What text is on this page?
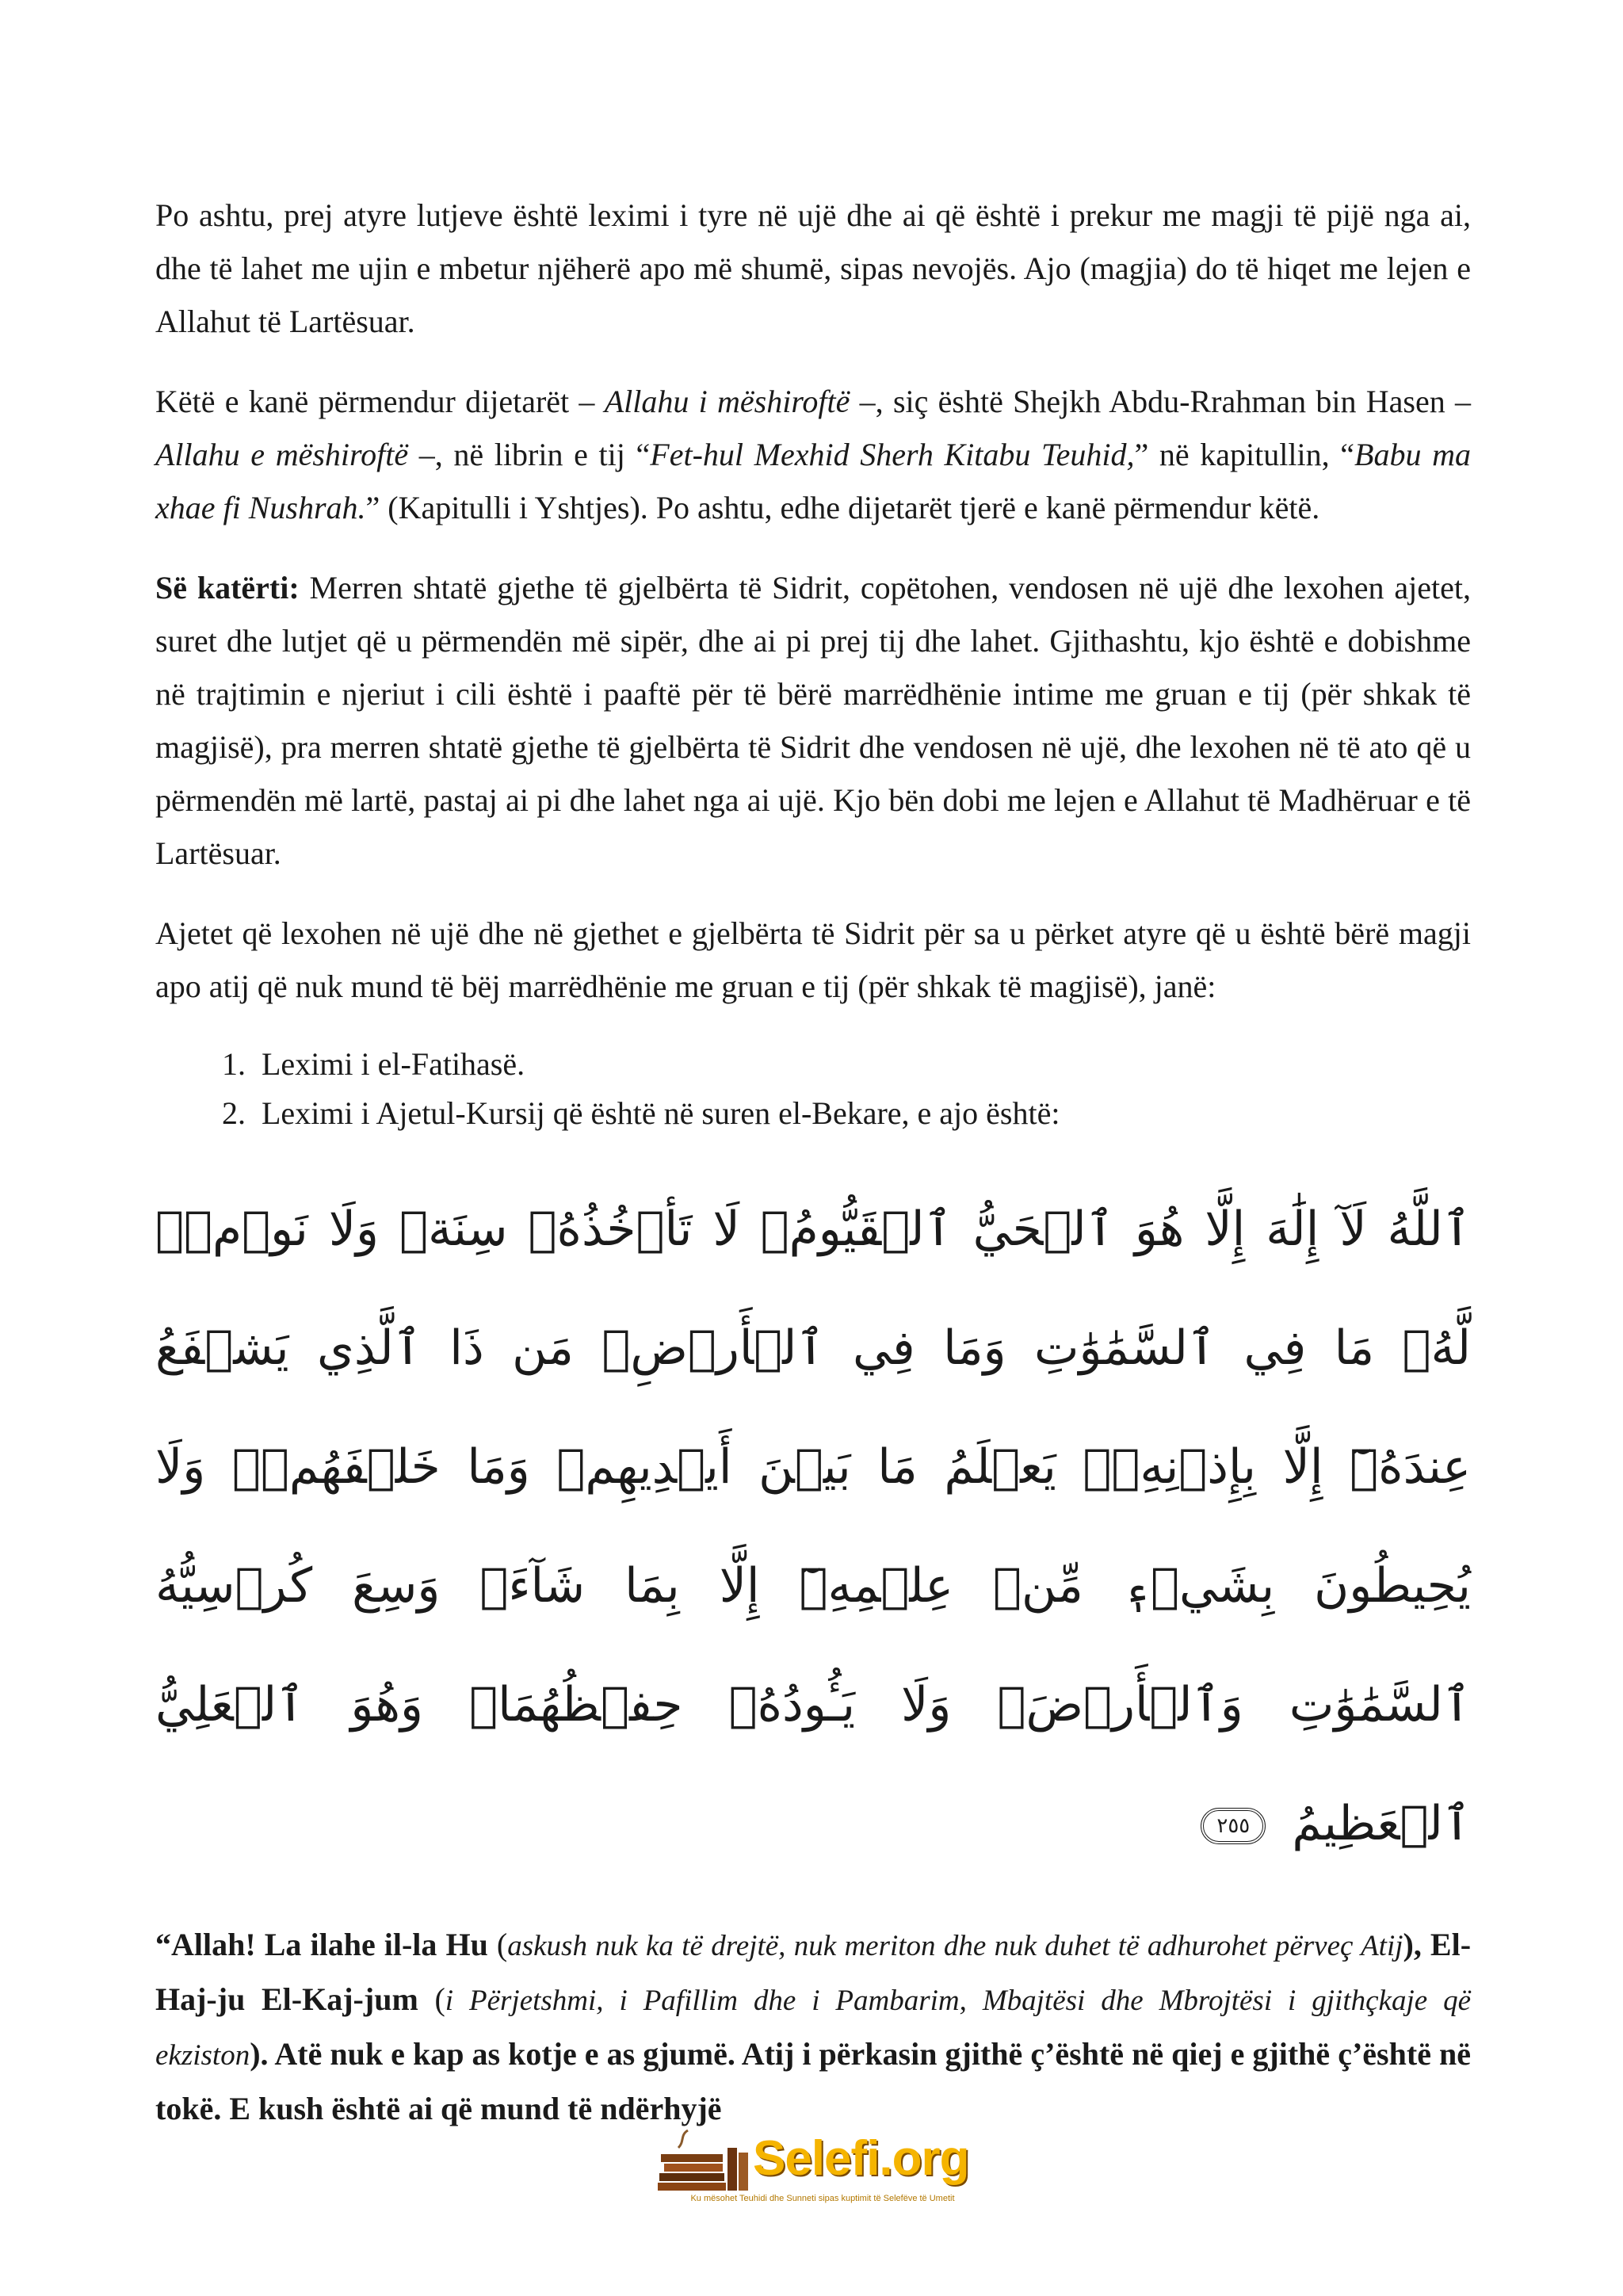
Po ashtu, prej atyre lutjeve është leximi i tyre në ujë dhe ai që është i prekur me magji të pijë nga ai, dhe të lahet me ujin e mbetur njëherë apo më shumë, sipas nevojës. Ajo (magjia) do të hiqet me lejen e Allahut të Lartësuar.

Këtë e kanë përmendur dijetarët – Allahu i mëshiroftë –, siç është Shejkh Abdu-Rrahman bin Hasen – Allahu e mëshiroftë –, në librin e tij “Fet-hul Mexhid Sherh Kitabu Teuhid,” në kapitullin, “Babu ma xhae fi Nushrah.” (Kapitulli i Yshtjes). Po ashtu, edhe dijetarët tjerë e kanë përmendur këtë.

Së katërti: Merren shtatë gjethe të gjelbërta të Sidrit, copëtohen, vendosen në ujë dhe lexohen ajetet, suret dhe lutjet që u përmendën më sipër, dhe ai pi prej tij dhe lahet. Gjithashtu, kjo është e dobishme në trajtimin e njeriut i cili është i paaftë për të bërë marrëdhënie intime me gruan e tij (për shkak të magjisë), pra merren shtatë gjethe të gjelbërta të Sidrit dhe vendosen në ujë, dhe lexohen në të ato që u përmendën më lartë, pastaj ai pi dhe lahet nga ai ujë. Kjo bën dobi me lejen e Allahut të Madhëruar e të Lartësuar.

Ajetet që lexohen në ujë dhe në gjethet e gjelbërta të Sidrit për sa u përket atyre që u është bërë magji apo atij që nuk mund të bëj marrëdhënie me gruan e tij (për shkak të magjisë), janë:

1. Leximi i el-Fatihasë.
2. Leximi i Ajetul-Kursij që është në suren el-Bekare, e ajo është:
ٱللَّهُ لَآ إِلَٰهَ إِلَّا هُوَ ٱلۡحَيُّ ٱلۡقَيُّومُۚ لَا تَأۡخُذُهُۥ سِنَةٞ وَلَا نَوۡمٞۚ لَّهُۥ مَا فِي ٱلسَّمَٰوَٰتِ وَمَا فِي ٱلۡأَرۡضِۗ مَن ذَا ٱلَّذِي يَشۡفَعُ عِندَهُۥٓ إِلَّا بِإِذۡنِهِۦۚ يَعۡلَمُ مَا بَيۡنَ أَيۡدِيهِمۡ وَمَا خَلۡفَهُمۡۖ وَلَا يُحِيطُونَ بِشَيۡءٖ مِّنۡ عِلۡمِهِۦٓ إِلَّا بِمَا شَآءَۚ وَسِعَ كُرۡسِيُّهُ ٱلسَّمَٰوَٰتِ وَٱلۡأَرۡضَۖ وَلَا يَـُٔودُهُۥ حِفۡظُهُمَاۚ وَهُوَ ٱلۡعَلِيُّ ٱلۡعَظِيمُ ٢٥٥

“Allah! La ilahe il-la Hu (askush nuk ka të drejtë, nuk meriton dhe nuk duhet të adhurohet përveç Atij), El-Haj-ju El-Kaj-jum (i Përjetshmi, i Pafillim dhe i Pambarim, Mbajtësi dhe Mbrojtësi i gjithçkaje që ekziston). Atë nuk e kap as kotje e as gjumë. Atij i përkasin gjithë ç’është në qiej e gjithë ç’është në tokë. E kush është ai që mund të ndërhyjë

Selefi.org
Ku mësohet Teuhidi dhe Sunneti sipas kuptimit të Selefëve të Umetit
